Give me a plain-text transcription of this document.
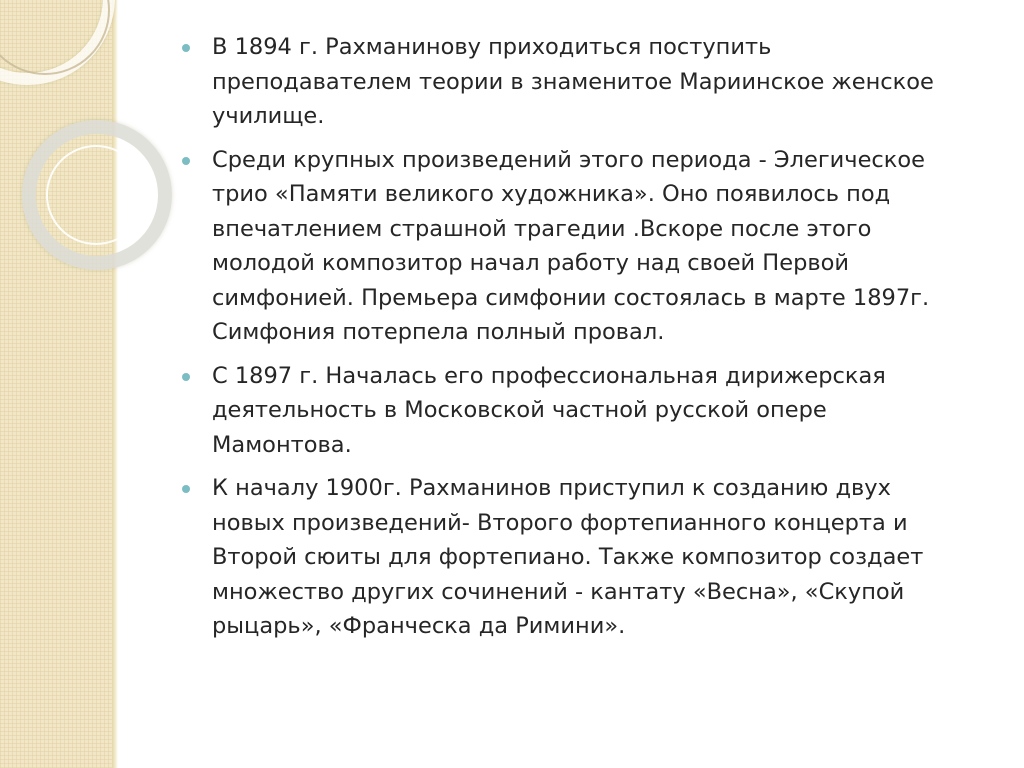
В 1894 г. Рахманинову приходиться поступить
преподавателем теории в знаменитое Мариинское женское
училище.
Среди крупных произведений этого периода - Элегическое
трио «Памяти великого художника». Оно появилось под
впечатлением страшной трагедии .Вскоре после этого
молодой композитор начал работу над своей Первой
симфонией. Премьера симфонии состоялась в марте 1897г.
Симфония потерпела полный провал.
С 1897 г. Началась его профессиональная дирижерская
деятельность в Московской частной русской опере
Мамонтова.
К началу 1900г. Рахманинов приступил к созданию двух
новых произведений- Второго фортепианного концерта и
Второй сюиты для фортепиано. Также композитор создает
множество других сочинений - кантату «Весна», «Скупой
рыцарь», «Франческа да Римини».
